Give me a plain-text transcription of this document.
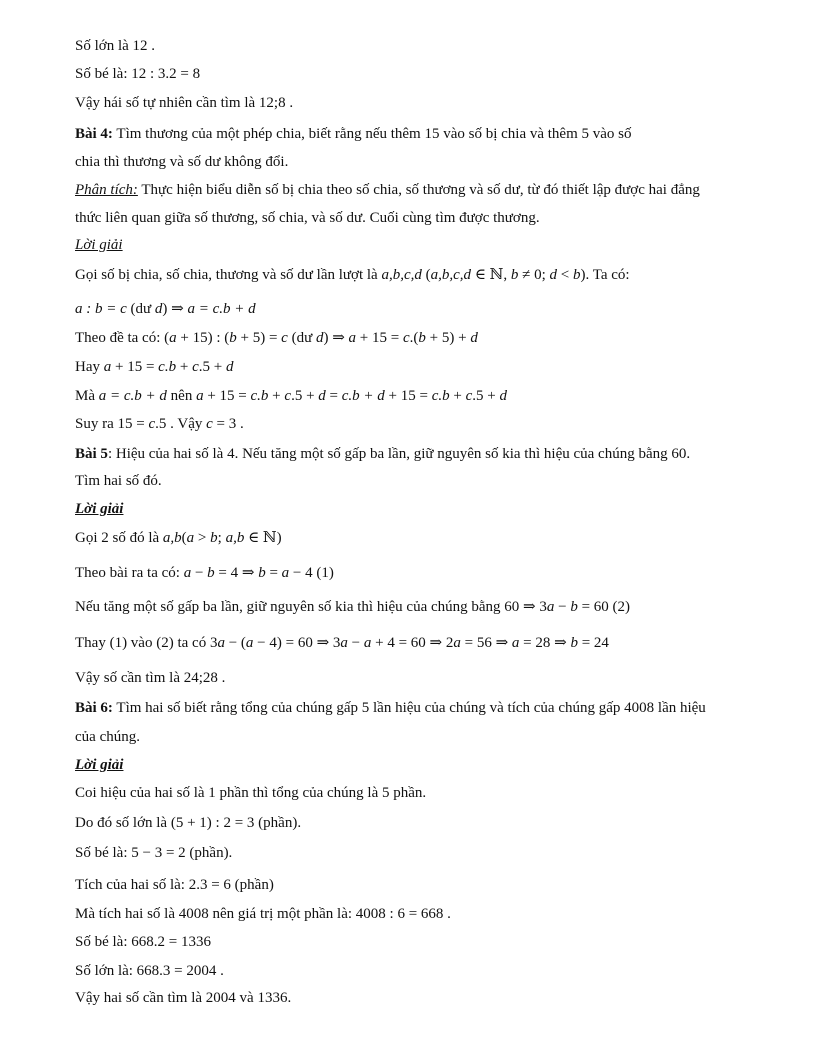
Số lớn là 12 .
Số bé là: 12 : 3.2 = 8
Vậy hái số tự nhiên cần tìm là 12;8 .
Bài 4: Tìm thương của một phép chia, biết rằng nếu thêm 15 vào số bị chia và thêm 5 vào số
chia thì thương và số dư không đổi.
Phân tích: Thực hiện biểu diễn số bị chia theo số chia, số thương và số dư, từ đó thiết lập được hai đẳng
thức liên quan giữa số thương, số chia, và số dư. Cuối cùng tìm được thương.
Lời giải
Gọi số bị chia, số chia, thương và số dư lần lượt là a,b,c,d (a,b,c,d ∈ ℕ, b ≠ 0; d < b). Ta có:
a : b = c (dư d) ⇒ a = c.b + d
Theo đề ta có: (a + 15) : (b + 5) = c (dư d) ⇒ a + 15 = c.(b + 5) + d
Hay a + 15 = c.b + c.5 + d
Mà a = c.b + d nên a + 15 = c.b + c.5 + d = c.b + d + 15 = c.b + c.5 + d
Suy ra 15 = c.5 . Vậy c = 3 .
Bài 5: Hiệu của hai số là 4. Nếu tăng một số gấp ba lần, giữ nguyên số kia thì hiệu của chúng bằng 60.
Tìm hai số đó.
Lời giải
Gọi 2 số đó là a,b(a > b; a,b ∈ ℕ)
Theo bài ra ta có: a − b = 4 ⇒ b = a − 4 (1)
Nếu tăng một số gấp ba lần, giữ nguyên số kia thì hiệu của chúng bằng 60 ⇒ 3a − b = 60 (2)
Thay (1) vào (2) ta có 3a − (a − 4) = 60 ⇒ 3a − a + 4 = 60 ⇒ 2a = 56 ⇒ a = 28 ⇒ b = 24
Vậy số cần tìm là 24;28 .
Bài 6: Tìm hai số biết rằng tổng của chúng gấp 5 lần hiệu của chúng và tích của chúng gấp 4008 lần hiệu
của chúng.
Lời giải
Coi hiệu của hai số là 1 phần thì tổng của chúng là 5 phần.
Do đó số lớn là (5 + 1) : 2 = 3 (phần).
Số bé là: 5 − 3 = 2 (phần).
Tích của hai số là: 2.3 = 6 (phần)
Mà tích hai số là 4008 nên giá trị một phần là: 4008 : 6 = 668 .
Số bé là: 668.2 = 1336
Số lớn là: 668.3 = 2004 .
Vậy hai số cần tìm là 2004 và 1336.
